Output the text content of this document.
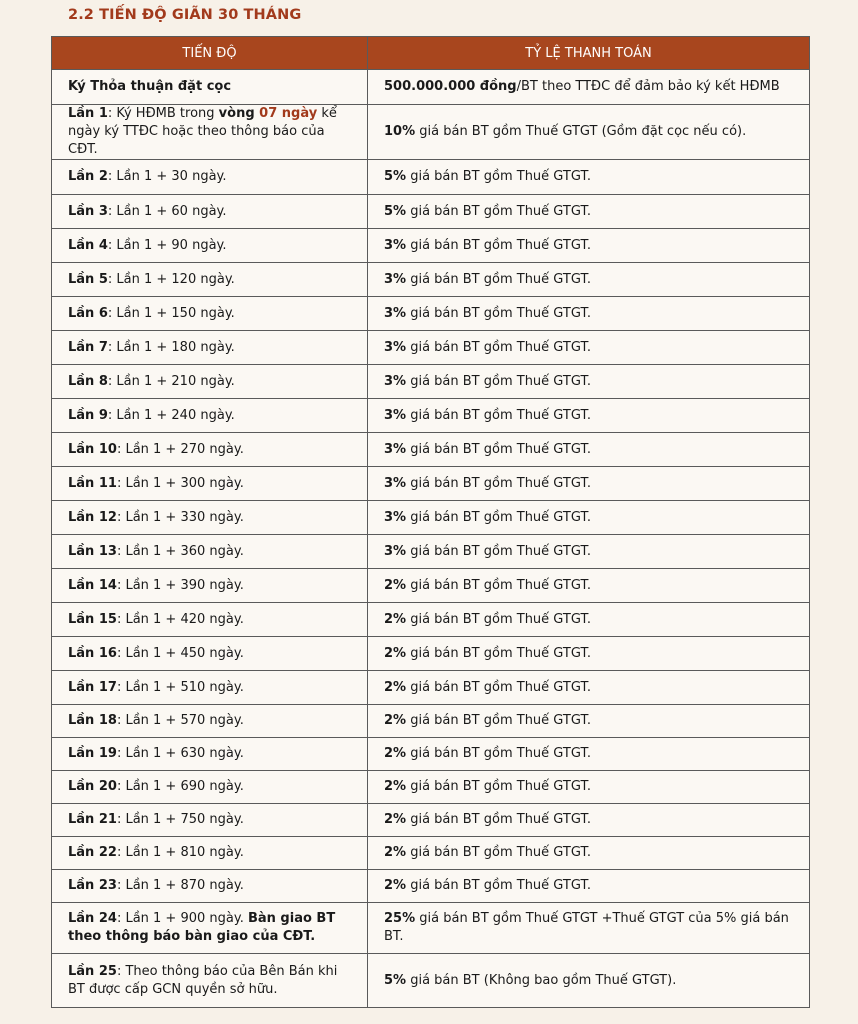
2.2 TIẾN ĐỘ GIÃN 30 THÁNG
TIẾN ĐỘ	TỶ LỆ THANH TOÁN
Ký Thỏa thuận đặt cọc	500.000.000 đồng/BT theo TTĐC để đảm bảo ký kết HĐMB
Lần 1: Ký HĐMB trong vòng 07 ngày kể ngày ký TTĐC hoặc theo thông báo của CĐT.	10% giá bán BT gồm Thuế GTGT (Gồm đặt cọc nếu có).
Lần 2: Lần 1 + 30 ngày.	5% giá bán BT gồm Thuế GTGT.
Lần 3: Lần 1 + 60 ngày.	5% giá bán BT gồm Thuế GTGT.
Lần 4: Lần 1 + 90 ngày.	3% giá bán BT gồm Thuế GTGT.
Lần 5: Lần 1 + 120 ngày.	3% giá bán BT gồm Thuế GTGT.
Lần 6: Lần 1 + 150 ngày.	3% giá bán BT gồm Thuế GTGT.
Lần 7: Lần 1 + 180 ngày.	3% giá bán BT gồm Thuế GTGT.
Lần 8: Lần 1 + 210 ngày.	3% giá bán BT gồm Thuế GTGT.
Lần 9: Lần 1 + 240 ngày.	3% giá bán BT gồm Thuế GTGT.
Lần 10: Lần 1 + 270 ngày.	3% giá bán BT gồm Thuế GTGT.
Lần 11: Lần 1 + 300 ngày.	3% giá bán BT gồm Thuế GTGT.
Lần 12: Lần 1 + 330 ngày.	3% giá bán BT gồm Thuế GTGT.
Lần 13: Lần 1 + 360 ngày.	3% giá bán BT gồm Thuế GTGT.
Lần 14: Lần 1 + 390 ngày.	2% giá bán BT gồm Thuế GTGT.
Lần 15: Lần 1 + 420 ngày.	2% giá bán BT gồm Thuế GTGT.
Lần 16: Lần 1 + 450 ngày.	2% giá bán BT gồm Thuế GTGT.
Lần 17: Lần 1 + 510 ngày.	2% giá bán BT gồm Thuế GTGT.
Lần 18: Lần 1 + 570 ngày.	2% giá bán BT gồm Thuế GTGT.
Lần 19: Lần 1 + 630 ngày.	2% giá bán BT gồm Thuế GTGT.
Lần 20: Lần 1 + 690 ngày.	2% giá bán BT gồm Thuế GTGT.
Lần 21: Lần 1 + 750 ngày.	2% giá bán BT gồm Thuế GTGT.
Lần 22: Lần 1 + 810 ngày.	2% giá bán BT gồm Thuế GTGT.
Lần 23: Lần 1 + 870 ngày.	2% giá bán BT gồm Thuế GTGT.
Lần 24: Lần 1 + 900 ngày. Bàn giao BT theo thông báo bàn giao của CĐT.	25% giá bán BT gồm Thuế GTGT +Thuế GTGT của 5% giá bán BT.
Lần 25: Theo thông báo của Bên Bán khi BT được cấp GCN quyền sở hữu.	5% giá bán BT (Không bao gồm Thuế GTGT).
